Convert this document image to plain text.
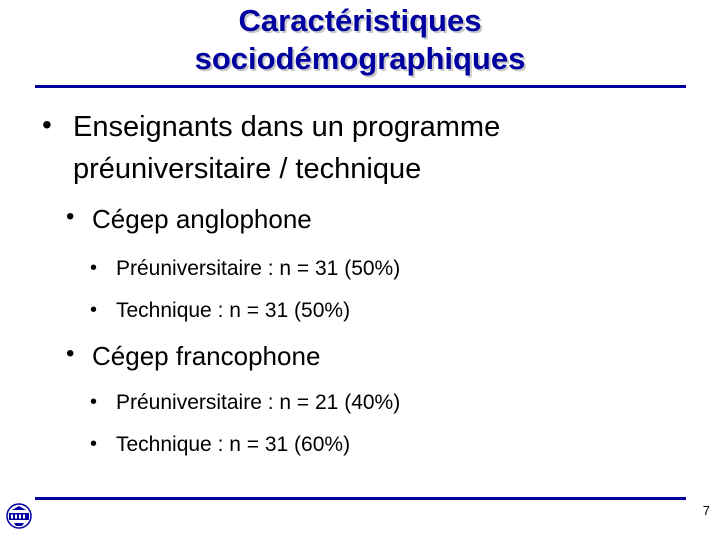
Caractéristiques
sociodémographiques
• Enseignants dans un programme
préuniversitaire / technique
• Cégep anglophone
• Préuniversitaire : n = 31 (50%)
• Technique : n = 31 (50%)
• Cégep francophone
• Préuniversitaire : n = 21 (40%)
• Technique : n = 31 (60%)
7
